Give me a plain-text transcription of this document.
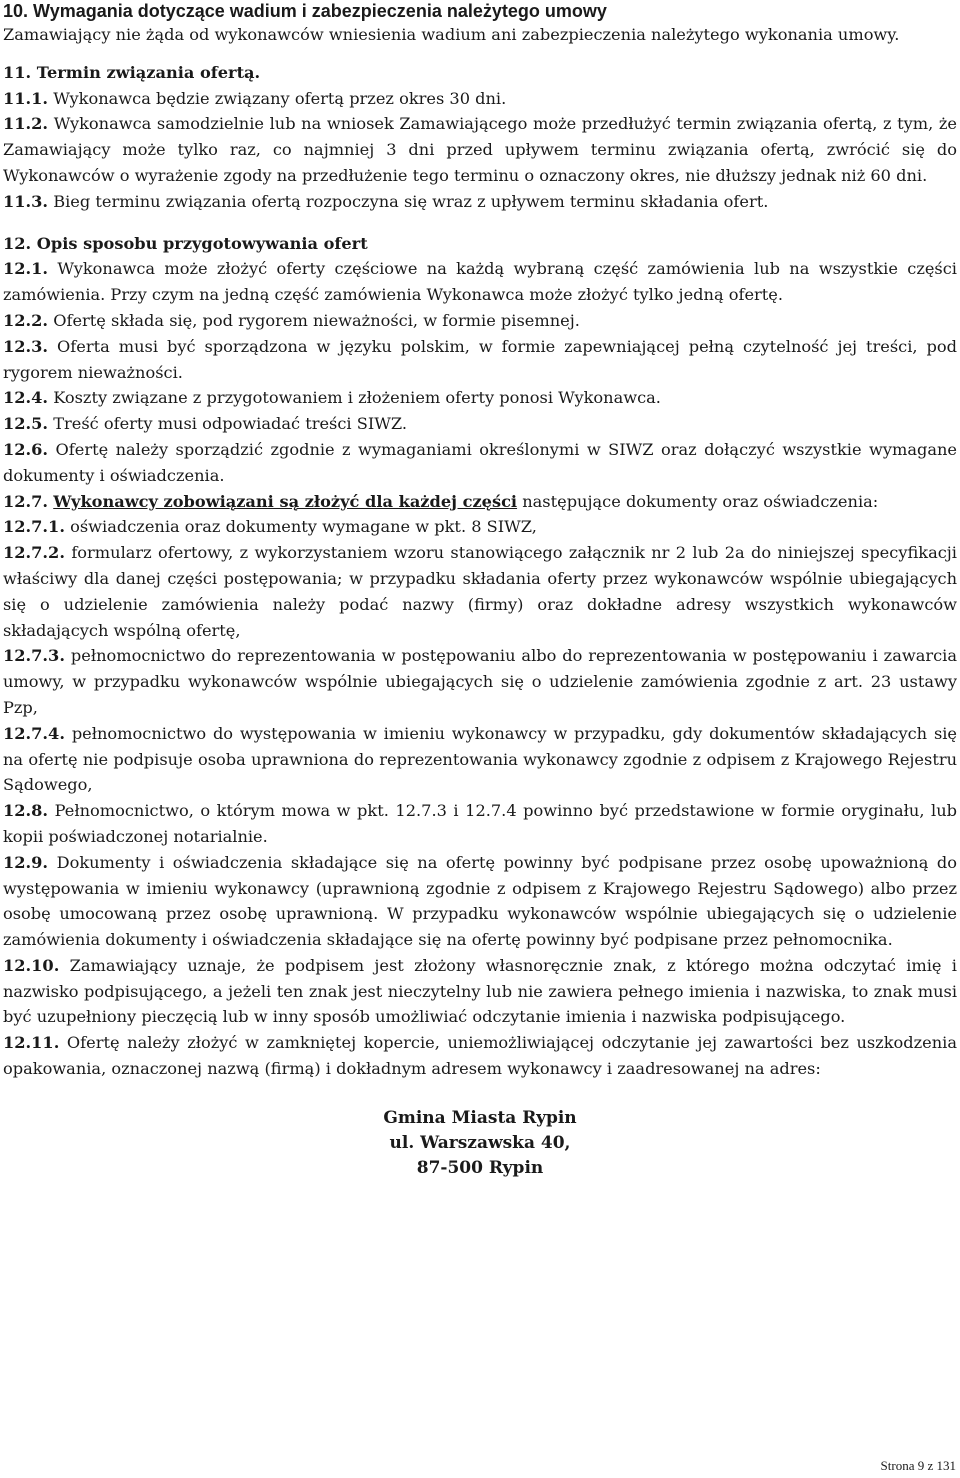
10. Wymagania dotyczące wadium i zabezpieczenia należytego umowy

Zamawiający nie żąda od wykonawców wniesienia wadium ani zabezpieczenia należytego wykonania umowy.

11. Termin związania ofertą.

11.1. Wykonawca będzie związany ofertą przez okres 30 dni.

11.2. Wykonawca samodzielnie lub na wniosek Zamawiającego może przedłużyć termin związania ofertą, z tym, że Zamawiający może tylko raz, co najmniej 3 dni przed upływem terminu związania ofertą, zwrócić się do Wykonawców o wyrażenie zgody na przedłużenie tego terminu o oznaczony okres, nie dłuższy jednak niż 60 dni.

11.3. Bieg terminu związania ofertą rozpoczyna się wraz z upływem terminu składania ofert.

12. Opis sposobu przygotowywania ofert

12.1. Wykonawca może złożyć oferty częściowe na każdą wybraną część zamówienia lub na wszystkie części zamówienia. Przy czym na jedną część zamówienia Wykonawca może złożyć tylko jedną ofertę.

12.2. Ofertę składa się, pod rygorem nieważności, w formie pisemnej.

12.3. Oferta musi być sporządzona w języku polskim, w formie zapewniającej pełną czytelność jej treści, pod rygorem nieważności.

12.4. Koszty związane z przygotowaniem i złożeniem oferty ponosi Wykonawca.

12.5. Treść oferty musi odpowiadać treści SIWZ.

12.6. Ofertę należy sporządzić zgodnie z wymaganiami określonymi w SIWZ oraz dołączyć wszystkie wymagane dokumenty i oświadczenia.

12.7. Wykonawcy zobowiązani są złożyć dla każdej części następujące dokumenty oraz oświadczenia:

12.7.1. oświadczenia oraz dokumenty wymagane w pkt. 8 SIWZ,

12.7.2. formularz ofertowy, z wykorzystaniem wzoru stanowiącego załącznik nr 2 lub 2a do niniejszej specyfikacji właściwy dla danej części postępowania; w przypadku składania oferty przez wykonawców wspólnie ubiegających się o udzielenie zamówienia należy podać nazwy (firmy) oraz dokładne adresy wszystkich wykonawców składających wspólną ofertę,

12.7.3. pełnomocnictwo do reprezentowania w postępowaniu albo do reprezentowania w postępowaniu i zawarcia umowy, w przypadku wykonawców wspólnie ubiegających się o udzielenie zamówienia zgodnie z art. 23 ustawy Pzp,

12.7.4. pełnomocnictwo do występowania w imieniu wykonawcy w przypadku, gdy dokumentów składających się na ofertę nie podpisuje osoba uprawniona do reprezentowania wykonawcy zgodnie z odpisem z Krajowego Rejestru Sądowego,

12.8. Pełnomocnictwo, o którym mowa w pkt. 12.7.3 i 12.7.4 powinno być przedstawione w formie oryginału, lub kopii poświadczonej notarialnie.

12.9. Dokumenty i oświadczenia składające się na ofertę powinny być podpisane przez osobę upoważnioną do występowania w imieniu wykonawcy (uprawnioną zgodnie z odpisem z Krajowego Rejestru Sądowego) albo przez osobę umocowaną przez osobę uprawnioną. W przypadku wykonawców wspólnie ubiegających się o udzielenie zamówienia dokumenty i oświadczenia składające się na ofertę powinny być podpisane przez pełnomocnika.

12.10. Zamawiający uznaje, że podpisem jest złożony własnoręcznie znak, z którego można odczytać imię i nazwisko podpisującego, a jeżeli ten znak jest nieczytelny lub nie zawiera pełnego imienia i nazwiska, to znak musi być uzupełniony pieczęcią lub w inny sposób umożliwiać odczytanie imienia i nazwiska podpisującego.

12.11. Ofertę należy złożyć w zamkniętej kopercie, uniemożliwiającej odczytanie jej zawartości bez uszkodzenia opakowania, oznaczonej nazwą (firmą) i dokładnym adresem wykonawcy i zaadresowanej na adres:

Gmina Miasta Rypin
ul. Warszawska 40,
87-500 Rypin
Strona 9 z 131
